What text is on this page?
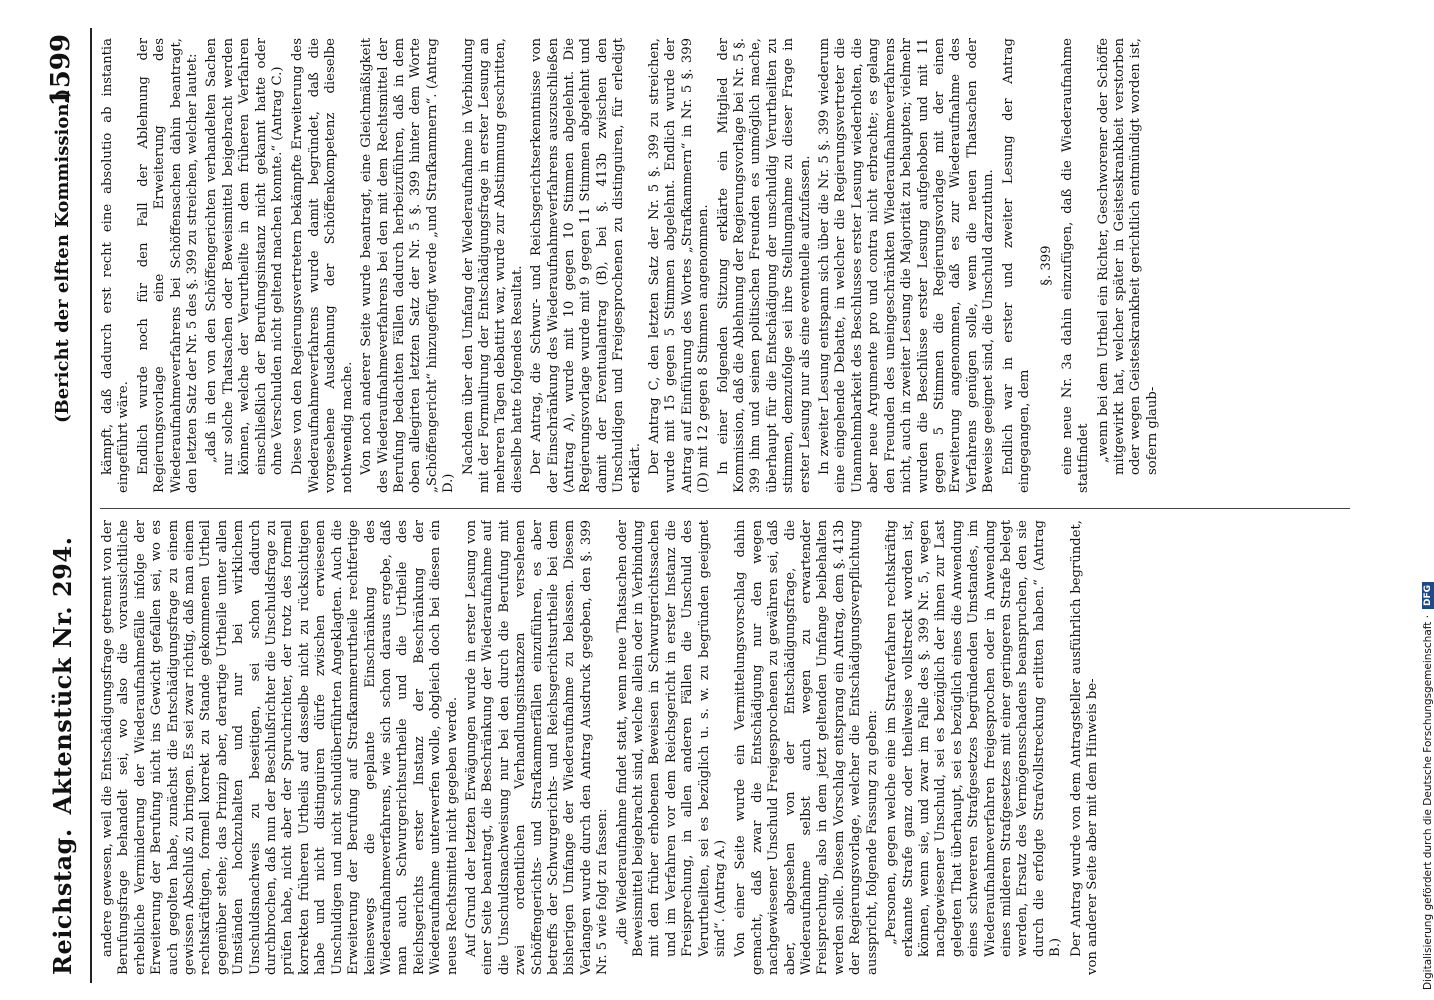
Reichstag.Aktenstück Nr. 294.
(Bericht der elften Kommission.)
1599

andere gewesen, weil die Entschädigungsfrage getrennt von der Berufungsfrage behandelt sei, wo also die voraussichtliche erhebliche Verminderung der Wiederaufnahmefälle infolge der Erweiterung der Berufung nicht ins Gewicht gefallen sei, wo es auch gegolten habe, zunächst die Entschädigungsfrage zu einem gewissen Abschluß zu bringen. Es sei zwar richtig, daß man einem rechtskräftigen, formell korrekt zu Stande gekommenen Urtheil gegenüber stehe; das Prinzip aber, derartige Urtheile unter allen Umständen hochzuhalten und nur bei wirklichem Unschuldsnachweis zu beseitigen, sei schon dadurch durchbrochen, daß nun der Beschlußrichter die Unschuldsfrage zu prüfen habe, nicht aber der Spruchrichter, der trotz des formell korrekten früheren Urtheils auf dasselbe nicht zu rücksichtigen habe und nicht distinguiren dürfe zwischen erwiesenen Unschuldigen und nicht schuldüberführten Angeklagten. Auch die Erweiterung der Berufung auf Strafkammerurtheile rechtfertige keineswegs die geplante Einschränkung des Wiederaufnahmeverfahrens, wie sich schon daraus ergebe, daß man auch Schwurgerichtsurtheile und die Urtheile des Reichsgerichts erster Instanz der Beschränkung der Wiederaufnahme unterwerfen wolle, obgleich doch bei diesen ein neues Rechtsmittel nicht gegeben werde. Auf Grund der letzten Erwägungen wurde in erster Lesung von einer Seite beantragt, die Beschränkung der Wiederaufnahme auf die Unschuldsnachweisung nur bei den durch die Berufung mit zwei ordentlichen Verhandlungsinstanzen versehenen Schöffengerichts- und Strafkammerfällen einzuführen, es aber betreffs der Schwurgerichts- und Reichsgerichtsurtheile bei dem bisherigen Umfange der Wiederaufnahme zu belassen. Diesem Verlangen wurde durch den Antrag Ausdruck gegeben, den §. 399 Nr. 5 wie folgt zu fassen: „die Wiederaufnahme findet statt, wenn neue Thatsachen oder Beweismittel beigebracht sind, welche allein oder in Verbindung mit den früher erhobenen Beweisen in Schwurgerichtssachen und im Verfahren vor dem Reichsgericht in erster Instanz die Freisprechung, in allen anderen Fällen die Unschuld des Verurtheilten, sei es bezüglich u. s. w. zu begründen geeignet sind“. (Antrag A.) Von einer Seite wurde ein Vermittelungsvorschlag dahin gemacht, daß zwar die Entschädigung nur den wegen nachgewiesener Unschuld Freigesprochenen zu gewähren sei, daß aber, abgesehen von der Entschädigungsfrage, die Wiederaufnahme selbst auch wegen zu erwartender Freisprechung, also in dem jetzt geltenden Umfange beibehalten werden solle. Diesem Vorschlag entsprang ein Antrag, dem §. 413b der Regierungsvorlage, welcher die Entschädigungsverpflichtung ausspricht, folgende Fassung zu geben: „Personen, gegen welche eine im Strafverfahren rechtskräftig erkannte Strafe ganz oder theilweise vollstreckt worden ist, können, wenn sie, und zwar im Falle des §. 399 Nr. 5, wegen nachgewiesener Unschuld, sei es bezüglich der ihnen zur Last gelegten That überhaupt, sei es bezüglich eines die Anwendung eines schwereren Strafgesetzes begründenden Umstandes, im Wiederaufnahmeverfahren freigesprochen oder in Anwendung eines milderen Strafgesetzes mit einer geringeren Strafe belegt werden, Ersatz des Vermögensschadens beanspruchen, den sie durch die erfolgte Strafvollstreckung erlitten haben.“ (Antrag B.) Der Antrag wurde von dem Antragsteller ausführlich begründet, von anderer Seite aber mit dem Hinweis be-

kämpft, daß dadurch erst recht eine absolutio ab instantia eingeführt wäre. Endlich wurde noch für den Fall der Ablehnung der Regierungsvorlage eine Erweiterung des Wiederaufnahmeverfahrens bei Schöffensachen dahin beantragt, den letzten Satz der Nr. 5 des §. 399 zu streichen, welcher lautet: „daß in den von den Schöffengerichten verhandelten Sachen nur solche Thatsachen oder Beweismittel beigebracht werden können, welche der Verurtheilte in dem früheren Verfahren einschließlich der Berufungsinstanz nicht gekannt hatte oder ohne Verschulden nicht geltend machen konnte.“ (Antrag C.) Diese von den Regierungsvertretern bekämpfte Erweiterung des Wiederaufnahmeverfahrens wurde damit begründet, daß die vorgesehene Ausdehnung der Schöffenkompetenz dieselbe nothwendig mache. Von noch anderer Seite wurde beantragt, eine Gleichmäßigkeit des Wiederaufnahmeverfahrens bei den mit dem Rechtsmittel der Berufung bedachten Fällen dadurch herbeizuführen, daß in dem oben allegirten letzten Satz der Nr. 5 §. 399 hinter dem Worte „Schöffengericht“ hinzugefügt werde „und Strafkammern“. (Antrag D.)

Nachdem über den Umfang der Wiederaufnahme in Verbindung mit der Formulirung der Entschädigungsfrage in erster Lesung an mehreren Tagen debattirt war, wurde zur Abstimmung geschritten, dieselbe hatte folgendes Resultat. Der Antrag, die Schwur- und Reichsgerichtserkenntnisse von der Einschränkung des Wiederaufnahmeverfahrens auszuschließen (Antrag A), wurde mit 10 gegen 10 Stimmen abgelehnt. Die Regierungsvorlage wurde mit 9 gegen 11 Stimmen abgelehnt und damit der Eventualantrag (B), bei §. 413b zwischen den Unschuldigen und Freigesprochenen zu distinguiren, für erledigt erklärt. Der Antrag C, den letzten Satz der Nr. 5 §. 399 zu streichen, wurde mit 15 gegen 5 Stimmen abgelehnt. Endlich wurde der Antrag auf Einführung des Wortes „Strafkammern“ in Nr. 5 §. 399 (D) mit 12 gegen 8 Stimmen angenommen. In einer folgenden Sitzung erklärte ein Mitglied der Kommission, daß die Ablehnung der Regierungsvorlage bei Nr. 5 §. 399 ihm und seinen politischen Freunden es unmöglich mache, überhaupt für die Entschädigung der unschuldig Verurtheilten zu stimmen, demzufolge sei ihre Stellungnahme zu dieser Frage in erster Lesung nur als eine eventuelle aufzufassen. In zweiter Lesung entspann sich über die Nr. 5 §. 399 wiederum eine eingehende Debatte, in welcher die Regierungsvertreter die Unannehmbarkeit des Beschlusses erster Lesung wiederholten, die aber neue Argumente pro und contra nicht erbrachte; es gelang den Freunden des uneingeschränkten Wiederaufnahmeverfahrens nicht, auch in zweiter Lesung die Majorität zu behaupten; vielmehr wurden die Beschlüsse erster Lesung aufgehoben und mit 11 gegen 5 Stimmen die Regierungsvorlage mit der einen Erweiterung angenommen, daß es zur Wiederaufnahme des Verfahrens genügen solle, wenn die neuen Thatsachen oder Beweise geeignet sind, die Unschuld darzuthun. Endlich war in erster und zweiter Lesung der Antrag eingegangen, dem

§. 399 eine neue Nr. 3a dahin einzufügen, daß die Wiederaufnahme stattfindet „wenn bei dem Urtheil ein Richter, Geschworener oder Schöffe mitgewirkt hat, welcher später in Geisteskrankheit verstorben oder wegen Geisteskrankheit gerichtlich entmündigt worden ist, sofern glaub-

Digitalisierung gefördert durch die Deutsche Forschungsgemeinschaft ·DFG
